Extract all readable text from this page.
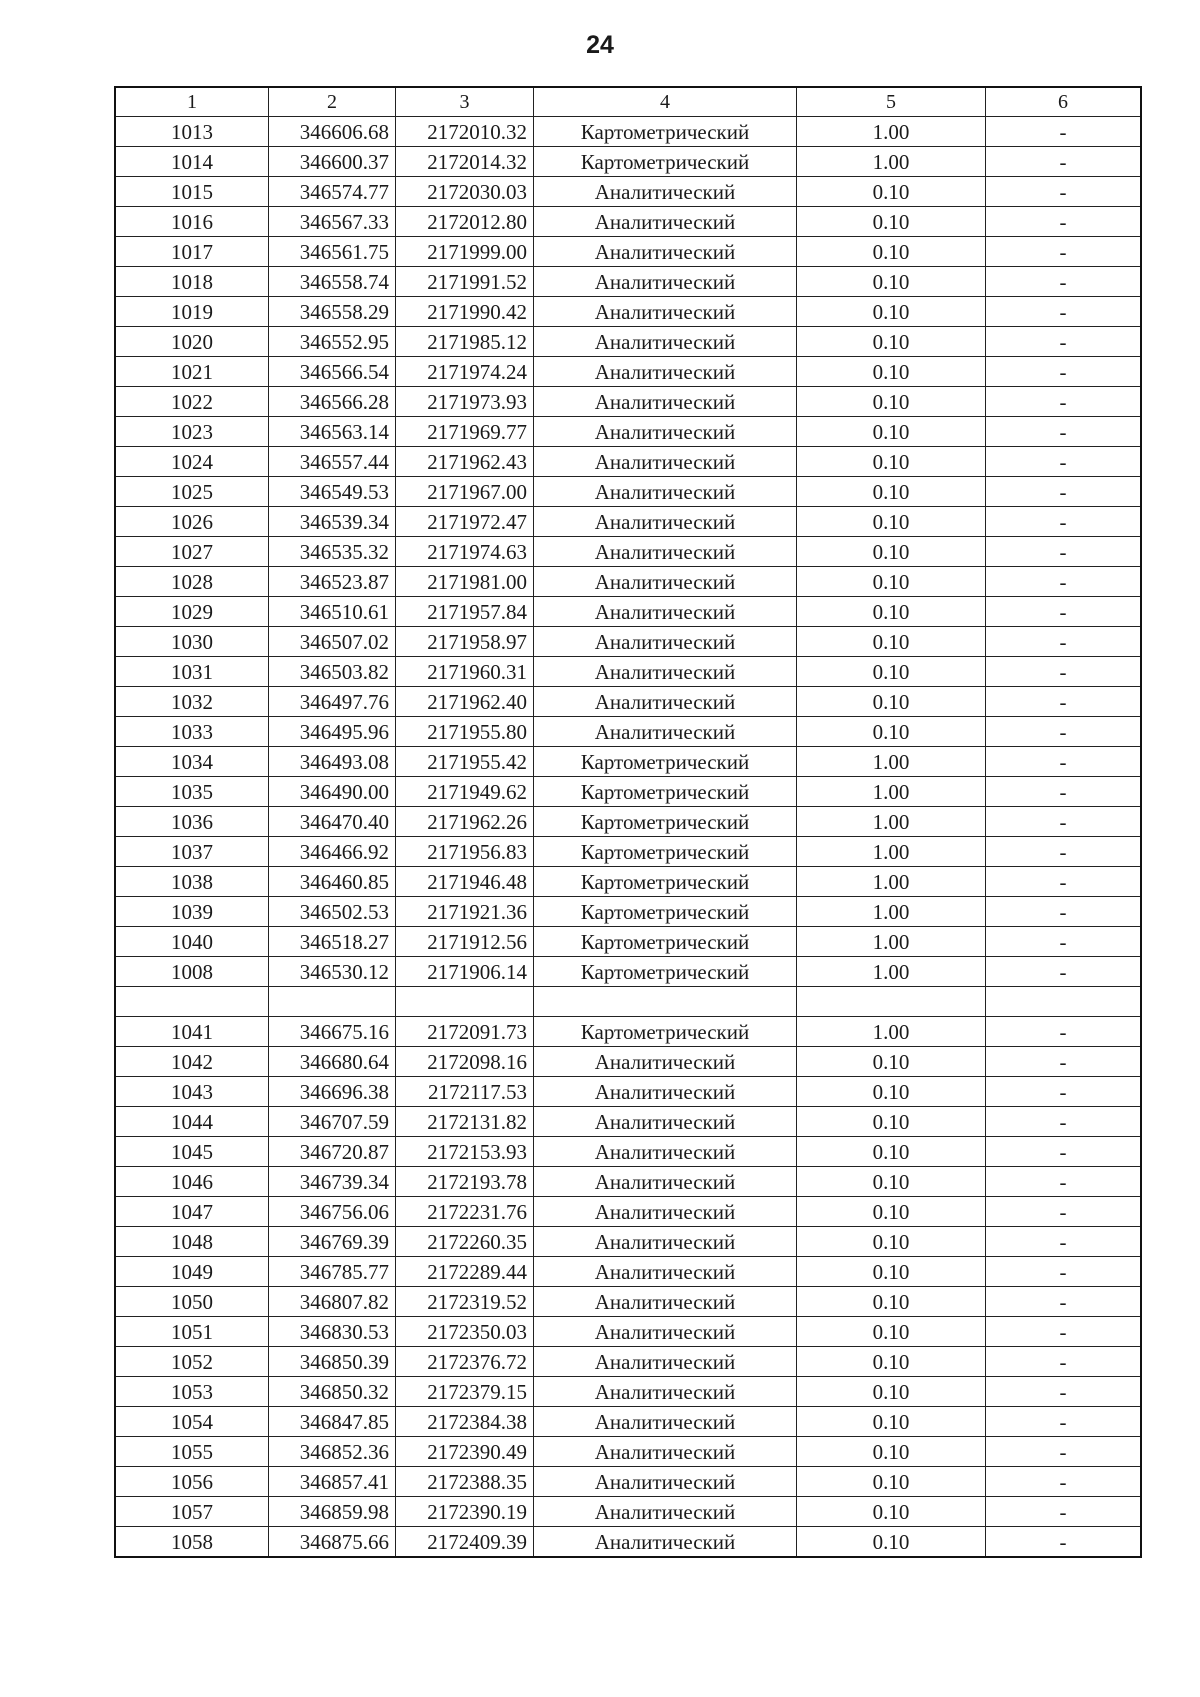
24
1	2	3	4	5	6
1013	346606.68	2172010.32	Картометрический	1.00	-
1014	346600.37	2172014.32	Картометрический	1.00	-
1015	346574.77	2172030.03	Аналитический	0.10	-
1016	346567.33	2172012.80	Аналитический	0.10	-
1017	346561.75	2171999.00	Аналитический	0.10	-
1018	346558.74	2171991.52	Аналитический	0.10	-
1019	346558.29	2171990.42	Аналитический	0.10	-
1020	346552.95	2171985.12	Аналитический	0.10	-
1021	346566.54	2171974.24	Аналитический	0.10	-
1022	346566.28	2171973.93	Аналитический	0.10	-
1023	346563.14	2171969.77	Аналитический	0.10	-
1024	346557.44	2171962.43	Аналитический	0.10	-
1025	346549.53	2171967.00	Аналитический	0.10	-
1026	346539.34	2171972.47	Аналитический	0.10	-
1027	346535.32	2171974.63	Аналитический	0.10	-
1028	346523.87	2171981.00	Аналитический	0.10	-
1029	346510.61	2171957.84	Аналитический	0.10	-
1030	346507.02	2171958.97	Аналитический	0.10	-
1031	346503.82	2171960.31	Аналитический	0.10	-
1032	346497.76	2171962.40	Аналитический	0.10	-
1033	346495.96	2171955.80	Аналитический	0.10	-
1034	346493.08	2171955.42	Картометрический	1.00	-
1035	346490.00	2171949.62	Картометрический	1.00	-
1036	346470.40	2171962.26	Картометрический	1.00	-
1037	346466.92	2171956.83	Картометрический	1.00	-
1038	346460.85	2171946.48	Картометрический	1.00	-
1039	346502.53	2171921.36	Картометрический	1.00	-
1040	346518.27	2171912.56	Картометрический	1.00	-
1008	346530.12	2171906.14	Картометрический	1.00	-

1041	346675.16	2172091.73	Картометрический	1.00	-
1042	346680.64	2172098.16	Аналитический	0.10	-
1043	346696.38	2172117.53	Аналитический	0.10	-
1044	346707.59	2172131.82	Аналитический	0.10	-
1045	346720.87	2172153.93	Аналитический	0.10	-
1046	346739.34	2172193.78	Аналитический	0.10	-
1047	346756.06	2172231.76	Аналитический	0.10	-
1048	346769.39	2172260.35	Аналитический	0.10	-
1049	346785.77	2172289.44	Аналитический	0.10	-
1050	346807.82	2172319.52	Аналитический	0.10	-
1051	346830.53	2172350.03	Аналитический	0.10	-
1052	346850.39	2172376.72	Аналитический	0.10	-
1053	346850.32	2172379.15	Аналитический	0.10	-
1054	346847.85	2172384.38	Аналитический	0.10	-
1055	346852.36	2172390.49	Аналитический	0.10	-
1056	346857.41	2172388.35	Аналитический	0.10	-
1057	346859.98	2172390.19	Аналитический	0.10	-
1058	346875.66	2172409.39	Аналитический	0.10	-
